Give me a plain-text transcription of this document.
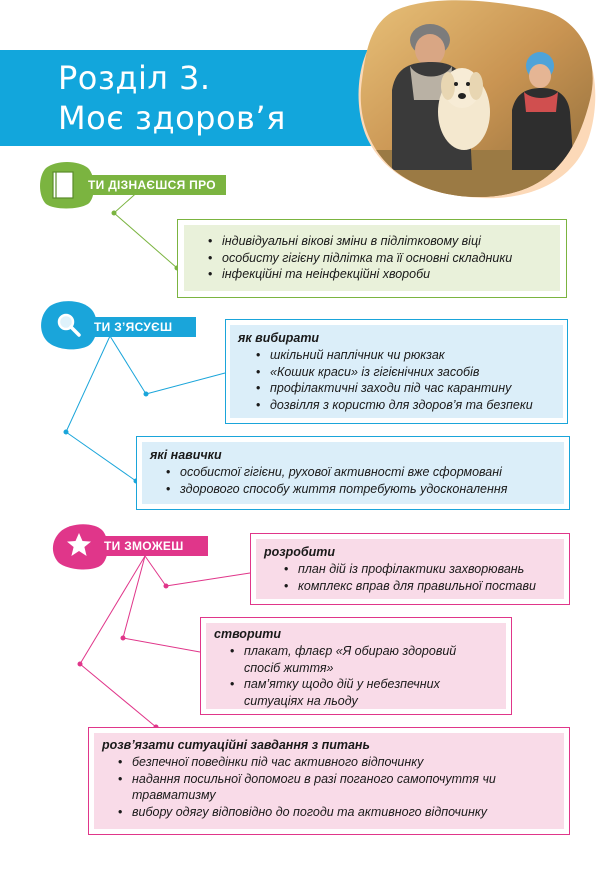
Розділ 3.
Моє здоров’я
ТИ ДІЗНАЄШСЯ ПРО
• індивідуальні вікові зміни в підлітковому віці
• особисту гігієну підлітка та її основні складники
• інфекційні та неінфекційні хвороби
ТИ З’ЯСУЄШ
як вибирати
• шкільний наплічник чи рюкзак
• «Кошик краси» із гігієнічних засобів
• профілактичні заходи під час карантину
• дозвілля з користю для здоров’я та безпеки
які навички
• особистої гігієни, рухової активності вже сформовані
• здорового способу життя потребують удосконалення
ТИ ЗМОЖЕШ	розробити
• план дій із профілактики захворювань
• комплекс вправ для правильної постави
створити
• плакат, флаєр «Я обираю здоровий спосіб життя»
• пам’ятку щодо дій у небезпечних ситуаціях на льоду
розв’язати ситуаційні завдання з питань
• безпечної поведінки під час активного відпочинку
• надання посильної допомоги в разі поганого самопочуття чи травматизму
• вибору одягу відповідно до погоди та активного відпочинку
